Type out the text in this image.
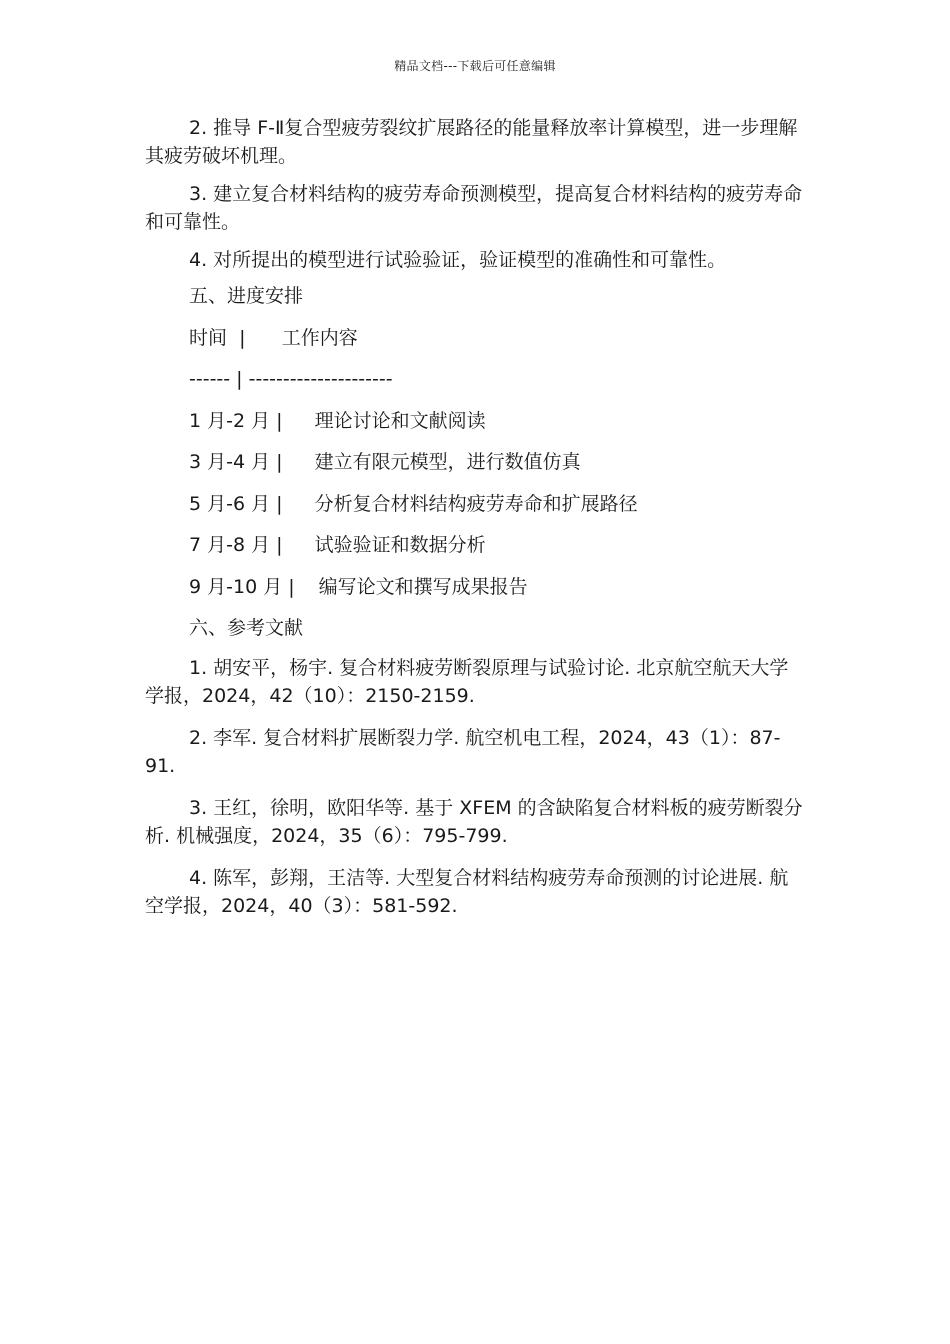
精品文档---下载后可任意编辑

2. 推导 F-Ⅱ复合型疲劳裂纹扩展路径的能量释放率计算模型，进一步理解其疲劳破坏机理。

3. 建立复合材料结构的疲劳寿命预测模型，提高复合材料结构的疲劳寿命和可靠性。

4. 对所提出的模型进行试验验证，验证模型的准确性和可靠性。

五、进度安排

时间  |      工作内容

------ | ---------------------

1 月-2 月 | 理论讨论和文献阅读
3 月-4 月 | 建立有限元模型，进行数值仿真
5 月-6 月 | 分析复合材料结构疲劳寿命和扩展路径
7 月-8 月 | 试验验证和数据分析
9 月-10 月 | 编写论文和撰写成果报告

六、参考文献

1. 胡安平，杨宇. 复合材料疲劳断裂原理与试验讨论. 北京航空航天大学学报，2024，42（10）：2150-2159.

2. 李军. 复合材料扩展断裂力学. 航空机电工程，2024，43（1）：87-91.

3. 王红，徐明，欧阳华等. 基于 XFEM 的含缺陷复合材料板的疲劳断裂分析. 机械强度，2024，35（6）：795-799.

4. 陈军，彭翔，王洁等. 大型复合材料结构疲劳寿命预测的讨论进展. 航空学报，2024，40（3）：581-592.
